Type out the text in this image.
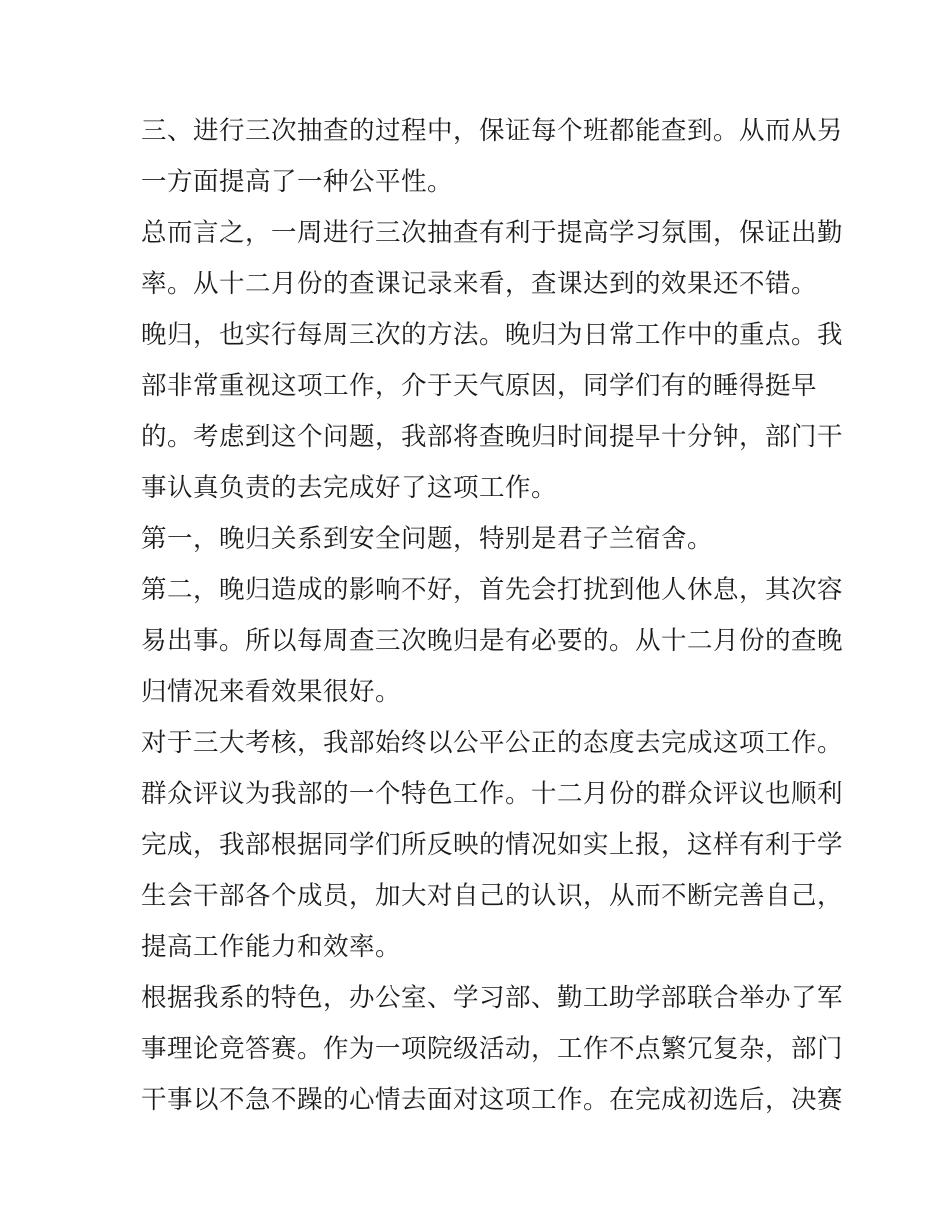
三、进行三次抽查的过程中，保证每个班都能查到。从而从另
一方面提高了一种公平性。
总而言之，一周进行三次抽查有利于提高学习氛围，保证出勤
率。从十二月份的查课记录来看，查课达到的效果还不错。
晚归，也实行每周三次的方法。晚归为日常工作中的重点。我
部非常重视这项工作，介于天气原因，同学们有的睡得挺早
的。考虑到这个问题，我部将查晚归时间提早十分钟，部门干
事认真负责的去完成好了这项工作。
第一，晚归关系到安全问题，特别是君子兰宿舍。
第二，晚归造成的影响不好，首先会打扰到他人休息，其次容
易出事。所以每周查三次晚归是有必要的。从十二月份的查晚
归情况来看效果很好。
对于三大考核，我部始终以公平公正的态度去完成这项工作。
群众评议为我部的一个特色工作。十二月份的群众评议也顺利
完成，我部根据同学们所反映的情况如实上报，这样有利于学
生会干部各个成员，加大对自己的认识，从而不断完善自己，
提高工作能力和效率。
根据我系的特色，办公室、学习部、勤工助学部联合举办了军
事理论竞答赛。作为一项院级活动，工作不点繁冗复杂，部门
干事以不急不躁的心情去面对这项工作。在完成初选后，决赛
